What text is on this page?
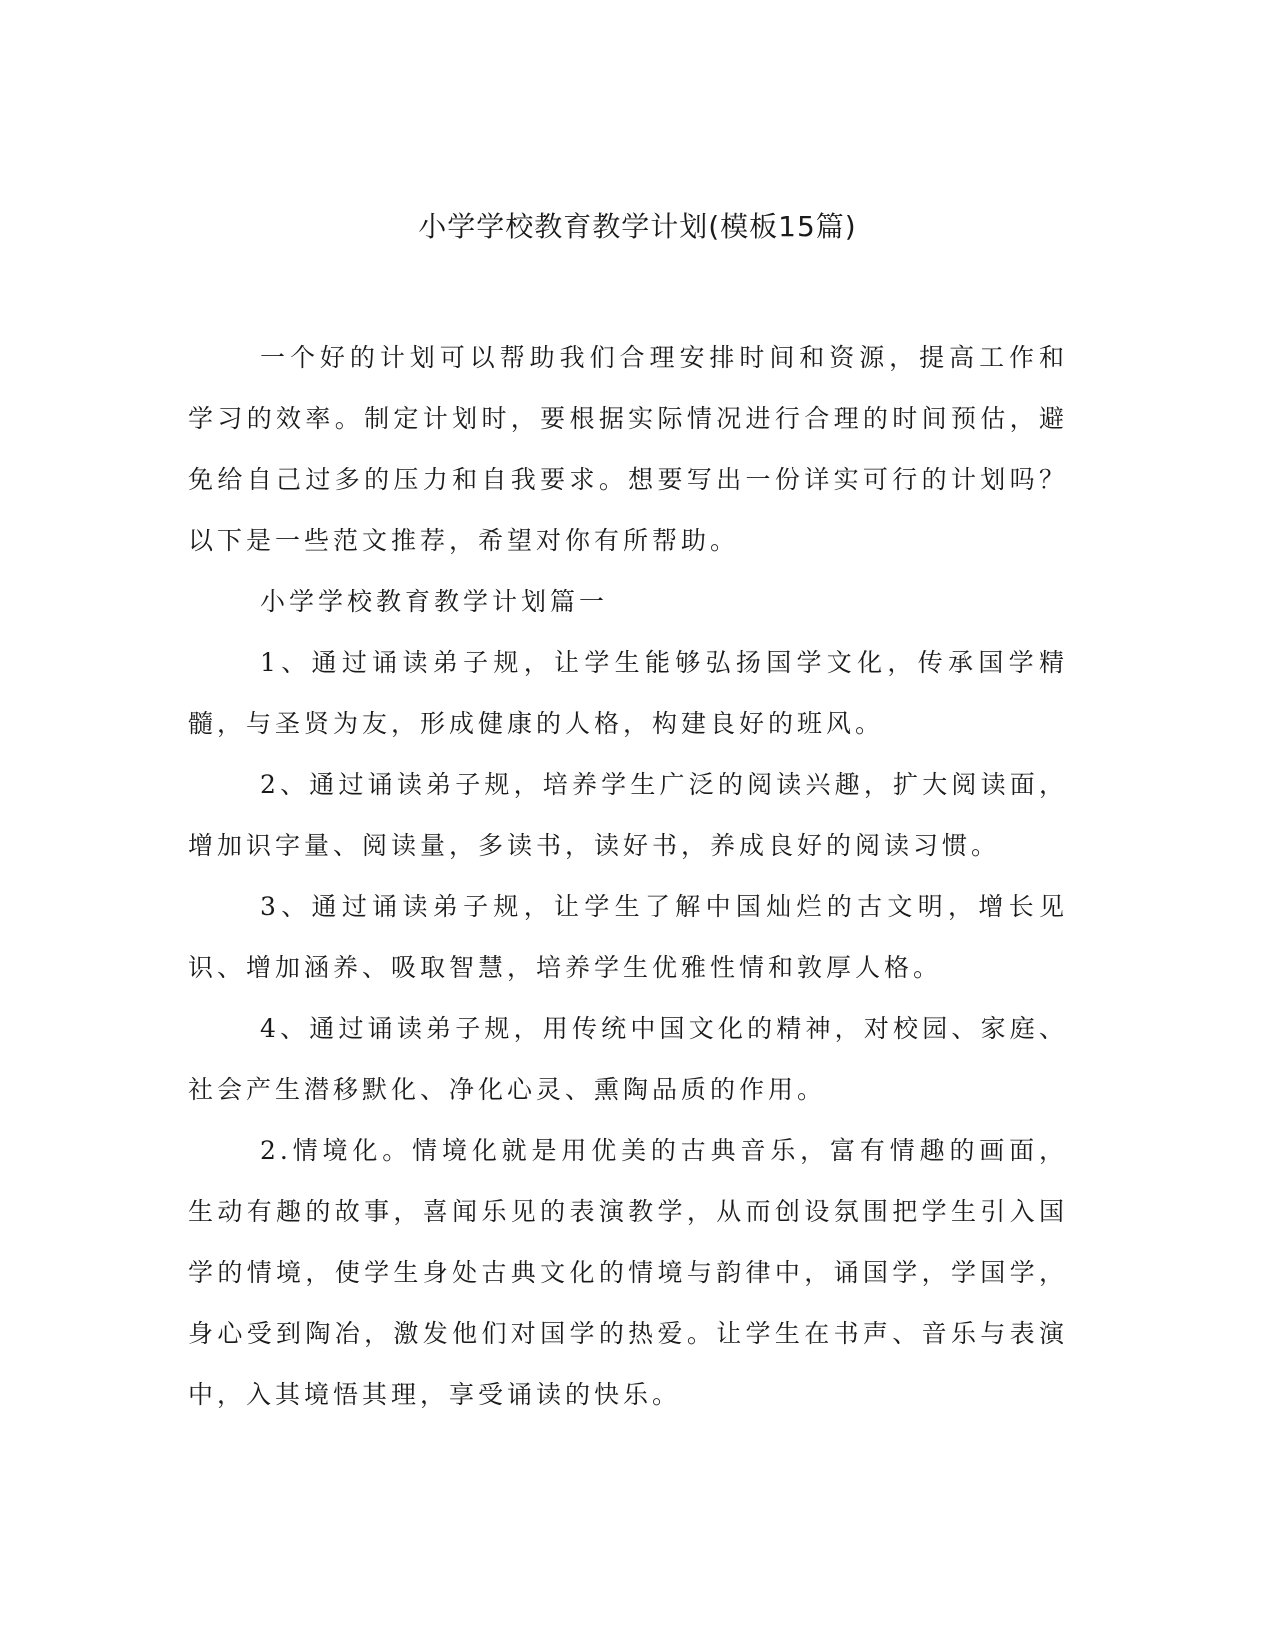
小学学校教育教学计划(模板15篇)

一个好的计划可以帮助我们合理安排时间和资源，提高工作和学习的效率。制定计划时，要根据实际情况进行合理的时间预估，避免给自己过多的压力和自我要求。想要写出一份详实可行的计划吗？以下是一些范文推荐，希望对你有所帮助。

小学学校教育教学计划篇一

1、通过诵读弟子规，让学生能够弘扬国学文化，传承国学精髓，与圣贤为友，形成健康的人格，构建良好的班风。

2、通过诵读弟子规，培养学生广泛的阅读兴趣，扩大阅读面，增加识字量、阅读量，多读书，读好书，养成良好的阅读习惯。

3、通过诵读弟子规，让学生了解中国灿烂的古文明，增长见识、增加涵养、吸取智慧，培养学生优雅性情和敦厚人格。

4、通过诵读弟子规，用传统中国文化的精神，对校园、家庭、社会产生潜移默化、净化心灵、熏陶品质的作用。

2.情境化。情境化就是用优美的古典音乐，富有情趣的画面，生动有趣的故事，喜闻乐见的表演教学，从而创设氛围把学生引入国学的情境，使学生身处古典文化的情境与韵律中，诵国学，学国学，身心受到陶冶，激发他们对国学的热爱。让学生在书声、音乐与表演中，入其境悟其理，享受诵读的快乐。
